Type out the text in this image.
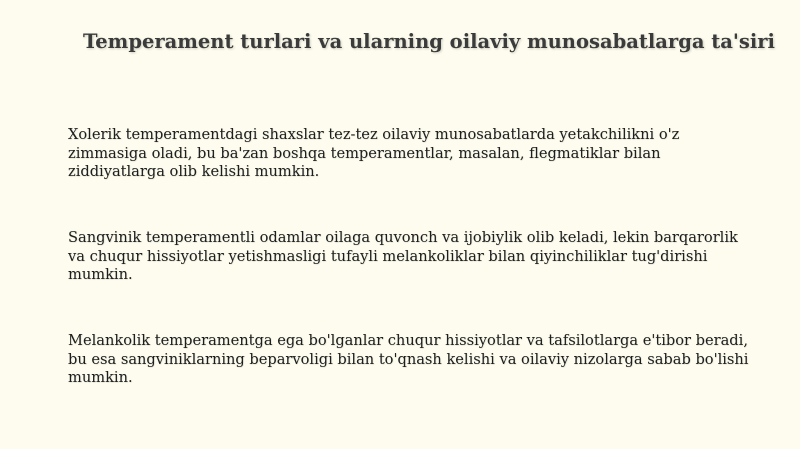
Temperament turlari va ularning oilaviy munosabatlarga ta'siri

Xolerik temperamentdagi shaxslar tez-tez oilaviy munosabatlarda yetakchilikni o'z zimmasiga oladi, bu ba'zan boshqa temperamentlar, masalan, flegmatiklar bilan ziddiyatlarga olib kelishi mumkin.

Sangvinik temperamentli odamlar oilaga quvonch va ijobiylik olib keladi, lekin barqarorlik va chuqur hissiyotlar yetishmasligi tufayli melankoliklar bilan qiyinchiliklar tug'dirishi mumkin.

Melankolik temperamentga ega bo'lganlar chuqur hissiyotlar va tafsilotlarga e'tibor beradi, bu esa sangviniklarning beparvoligi bilan to'qnash kelishi va oilaviy nizolarga sabab bo'lishi mumkin.
